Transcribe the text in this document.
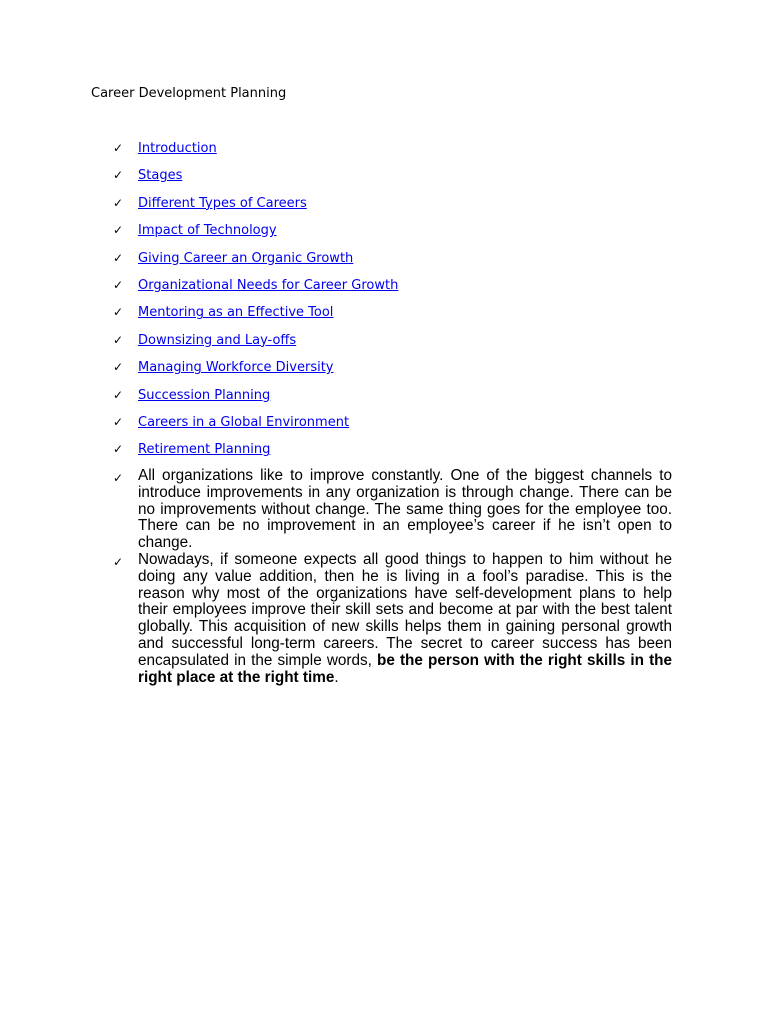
Career Development Planning
✓ Introduction
✓ Stages
✓ Different Types of Careers
✓ Impact of Technology
✓ Giving Career an Organic Growth
✓ Organizational Needs for Career Growth
✓ Mentoring as an Effective Tool
✓ Downsizing and Lay-offs
✓ Managing Workforce Diversity
✓ Succession Planning
✓ Careers in a Global Environment
✓ Retirement Planning
✓ All organizations like to improve constantly. One of the biggest channels to introduce improvements in any organization is through change. There can be no improvements without change. The same thing goes for the employee too. There can be no improvement in an employee’s career if he isn’t open to change.

✓ Nowadays, if someone expects all good things to happen to him without he doing any value addition, then he is living in a fool’s paradise. This is the reason why most of the organizations have self-development plans to help their employees improve their skill sets and become at par with the best talent globally. This acquisition of new skills helps them in gaining personal growth and successful long-term careers. The secret to career success has been encapsulated in the simple words, be the person with the right skills in the right place at the right time.
